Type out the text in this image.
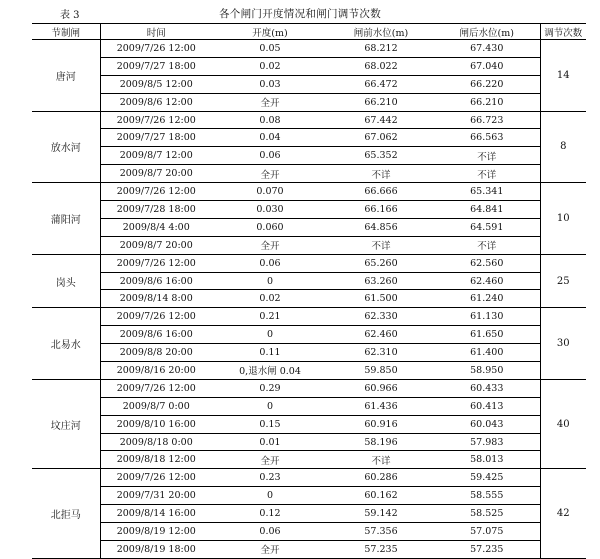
表 3	各个闸门开度情况和闸门调节次数
节制闸	时间	开度(m)	闸前水位(m)	闸后水位(m)	调节次数
唐河	2009/7/26 12:00	0.05	68.212	67.430	14
	2009/7/27 18:00	0.02	68.022	67.040	
	2009/8/5 12:00	0.03	66.472	66.220	
	2009/8/6 12:00	全开	66.210	66.210	
放水河	2009/7/26 12:00	0.08	67.442	66.723	8
	2009/7/27 18:00	0.04	67.062	66.563	
	2009/8/7 12:00	0.06	65.352	不详	
	2009/8/7 20:00	全开	不详	不详	
蒲阳河	2009/7/26 12:00	0.070	66.666	65.341	10
	2009/7/28 18:00	0.030	66.166	64.841	
	2009/8/4 4:00	0.060	64.856	64.591	
	2009/8/7 20:00	全开	不详	不详	
岗头	2009/7/26 12:00	0.06	65.260	62.560	25
	2009/8/6 16:00	0	63.260	62.460	
	2009/8/14 8:00	0.02	61.500	61.240	
北易水	2009/7/26 12:00	0.21	62.330	61.130	30
	2009/8/6 16:00	0	62.460	61.650	
	2009/8/8 20:00	0.11	62.310	61.400	
	2009/8/16 20:00	0,退水闸 0.04	59.850	58.950	
坟庄河	2009/7/26 12:00	0.29	60.966	60.433	40
	2009/8/7 0:00	0	61.436	60.413	
	2009/8/10 16:00	0.15	60.916	60.043	
	2009/8/18 0:00	0.01	58.196	57.983	
	2009/8/18 12:00	全开	不详	58.013	
北拒马	2009/7/26 12:00	0.23	60.286	59.425	42
	2009/7/31 20:00	0	60.162	58.555	
	2009/8/14 16:00	0.12	59.142	58.525	
	2009/8/19 12:00	0.06	57.356	57.075	
	2009/8/19 18:00	全开	57.235	57.235	
